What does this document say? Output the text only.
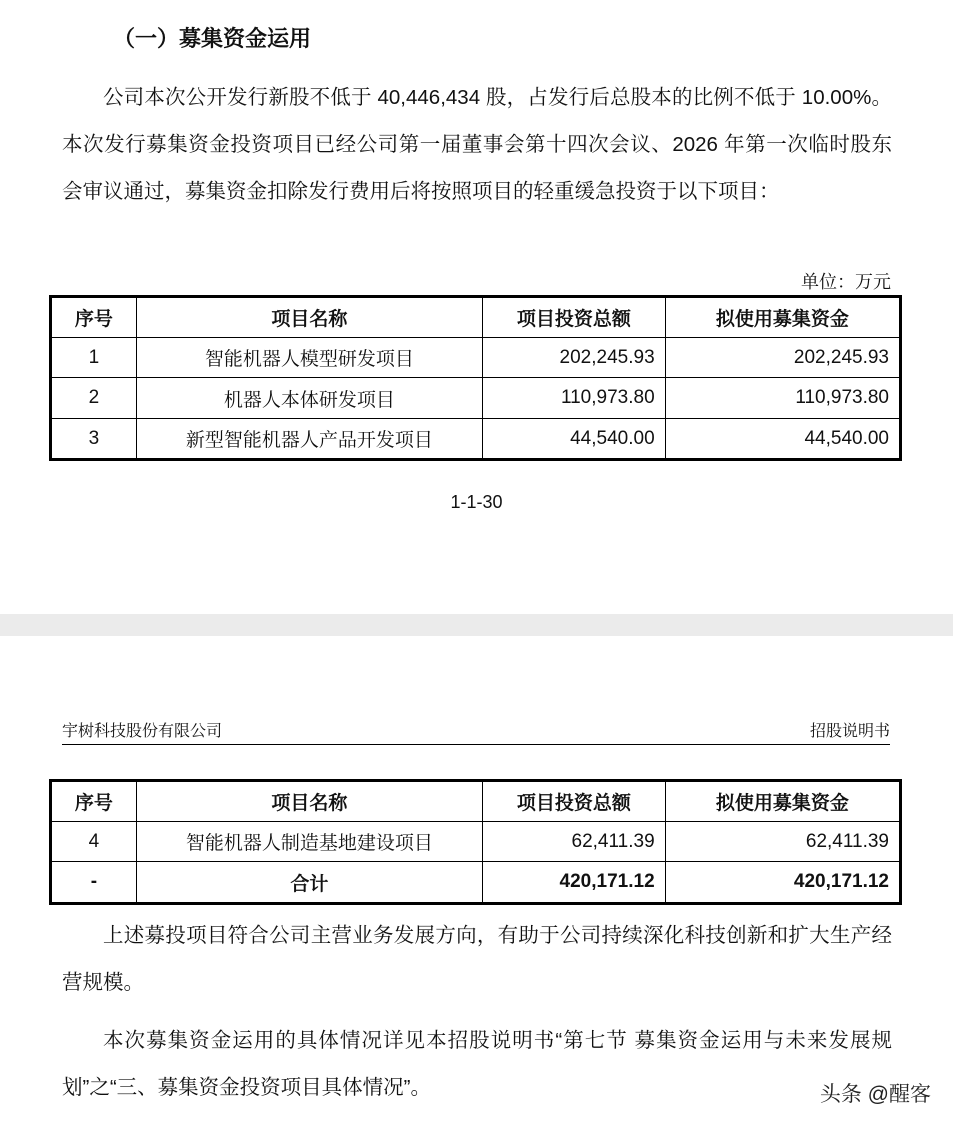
（一）募集资金运用

公司本次公开发行新股不低于 40,446,434 股，占发行后总股本的比例不低于 10.00%。本次发行募集资金投资项目已经公司第一届董事会第十四次会议、2026 年第一次临时股东会审议通过，募集资金扣除发行费用后将按照项目的轻重缓急投资于以下项目：

单位：万元
序号	项目名称	项目投资总额	拟使用募集资金
1	智能机器人模型研发项目	202,245.93	202,245.93
2	机器人本体研发项目	110,973.80	110,973.80
3	新型智能机器人产品开发项目	44,540.00	44,540.00
1-1-30
宇树科技股份有限公司	招股说明书
序号	项目名称	项目投资总额	拟使用募集资金
4	智能机器人制造基地建设项目	62,411.39	62,411.39
-	合计	420,171.12	420,171.12

上述募投项目符合公司主营业务发展方向，有助于公司持续深化科技创新和扩大生产经营规模。

本次募集资金运用的具体情况详见本招股说明书“第七节 募集资金运用与未来发展规划”之“三、募集资金投资项目具体情况”。	头条 @醒客
